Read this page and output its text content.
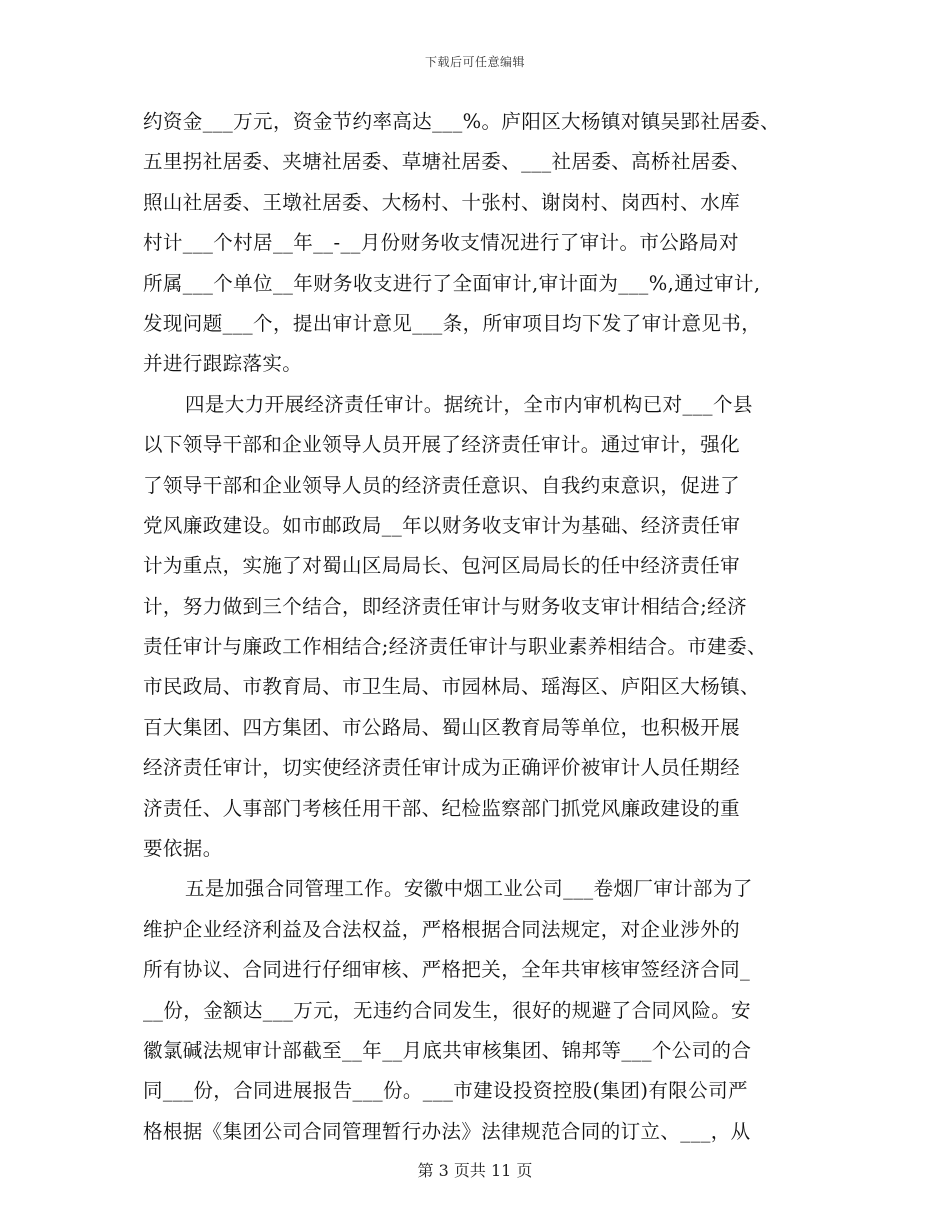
下载后可任意编辑
约资金___万元，资金节约率高达___%。庐阳区大杨镇对镇吴郢社居委、
五里拐社居委、夹塘社居委、草塘社居委、___社居委、高桥社居委、
照山社居委、王墩社居委、大杨村、十张村、谢岗村、岗西村、水库
村计___个村居__年__-__月份财务收支情况进行了审计。市公路局对
所属___个单位__年财务收支进行了全面审计,审计面为___%,通过审计,
发现问题___个，提出审计意见___条，所审项目均下发了审计意见书，
并进行跟踪落实。
四是大力开展经济责任审计。据统计，全市内审机构已对___个县
以下领导干部和企业领导人员开展了经济责任审计。通过审计，强化
了领导干部和企业领导人员的经济责任意识、自我约束意识，促进了
党风廉政建设。如市邮政局__年以财务收支审计为基础、经济责任审
计为重点，实施了对蜀山区局局长、包河区局局长的任中经济责任审
计，努力做到三个结合，即经济责任审计与财务收支审计相结合;经济
责任审计与廉政工作相结合;经济责任审计与职业素养相结合。市建委、
市民政局、市教育局、市卫生局、市园林局、瑶海区、庐阳区大杨镇、
百大集团、四方集团、市公路局、蜀山区教育局等单位，也积极开展
经济责任审计，切实使经济责任审计成为正确评价被审计人员任期经
济责任、人事部门考核任用干部、纪检监察部门抓党风廉政建设的重
要依据。
五是加强合同管理工作。安徽中烟工业公司___卷烟厂审计部为了
维护企业经济利益及合法权益，严格根据合同法规定，对企业涉外的
所有协议、合同进行仔细审核、严格把关，全年共审核审签经济合同_
__份，金额达___万元，无违约合同发生，很好的规避了合同风险。安
徽氯碱法规审计部截至__年__月底共审核集团、锦邦等___个公司的合
同___份，合同进展报告___份。___市建设投资控股(集团)有限公司严
格根据《集团公司合同管理暂行办法》法律规范合同的订立、___，从
第 3 页共 11 页
